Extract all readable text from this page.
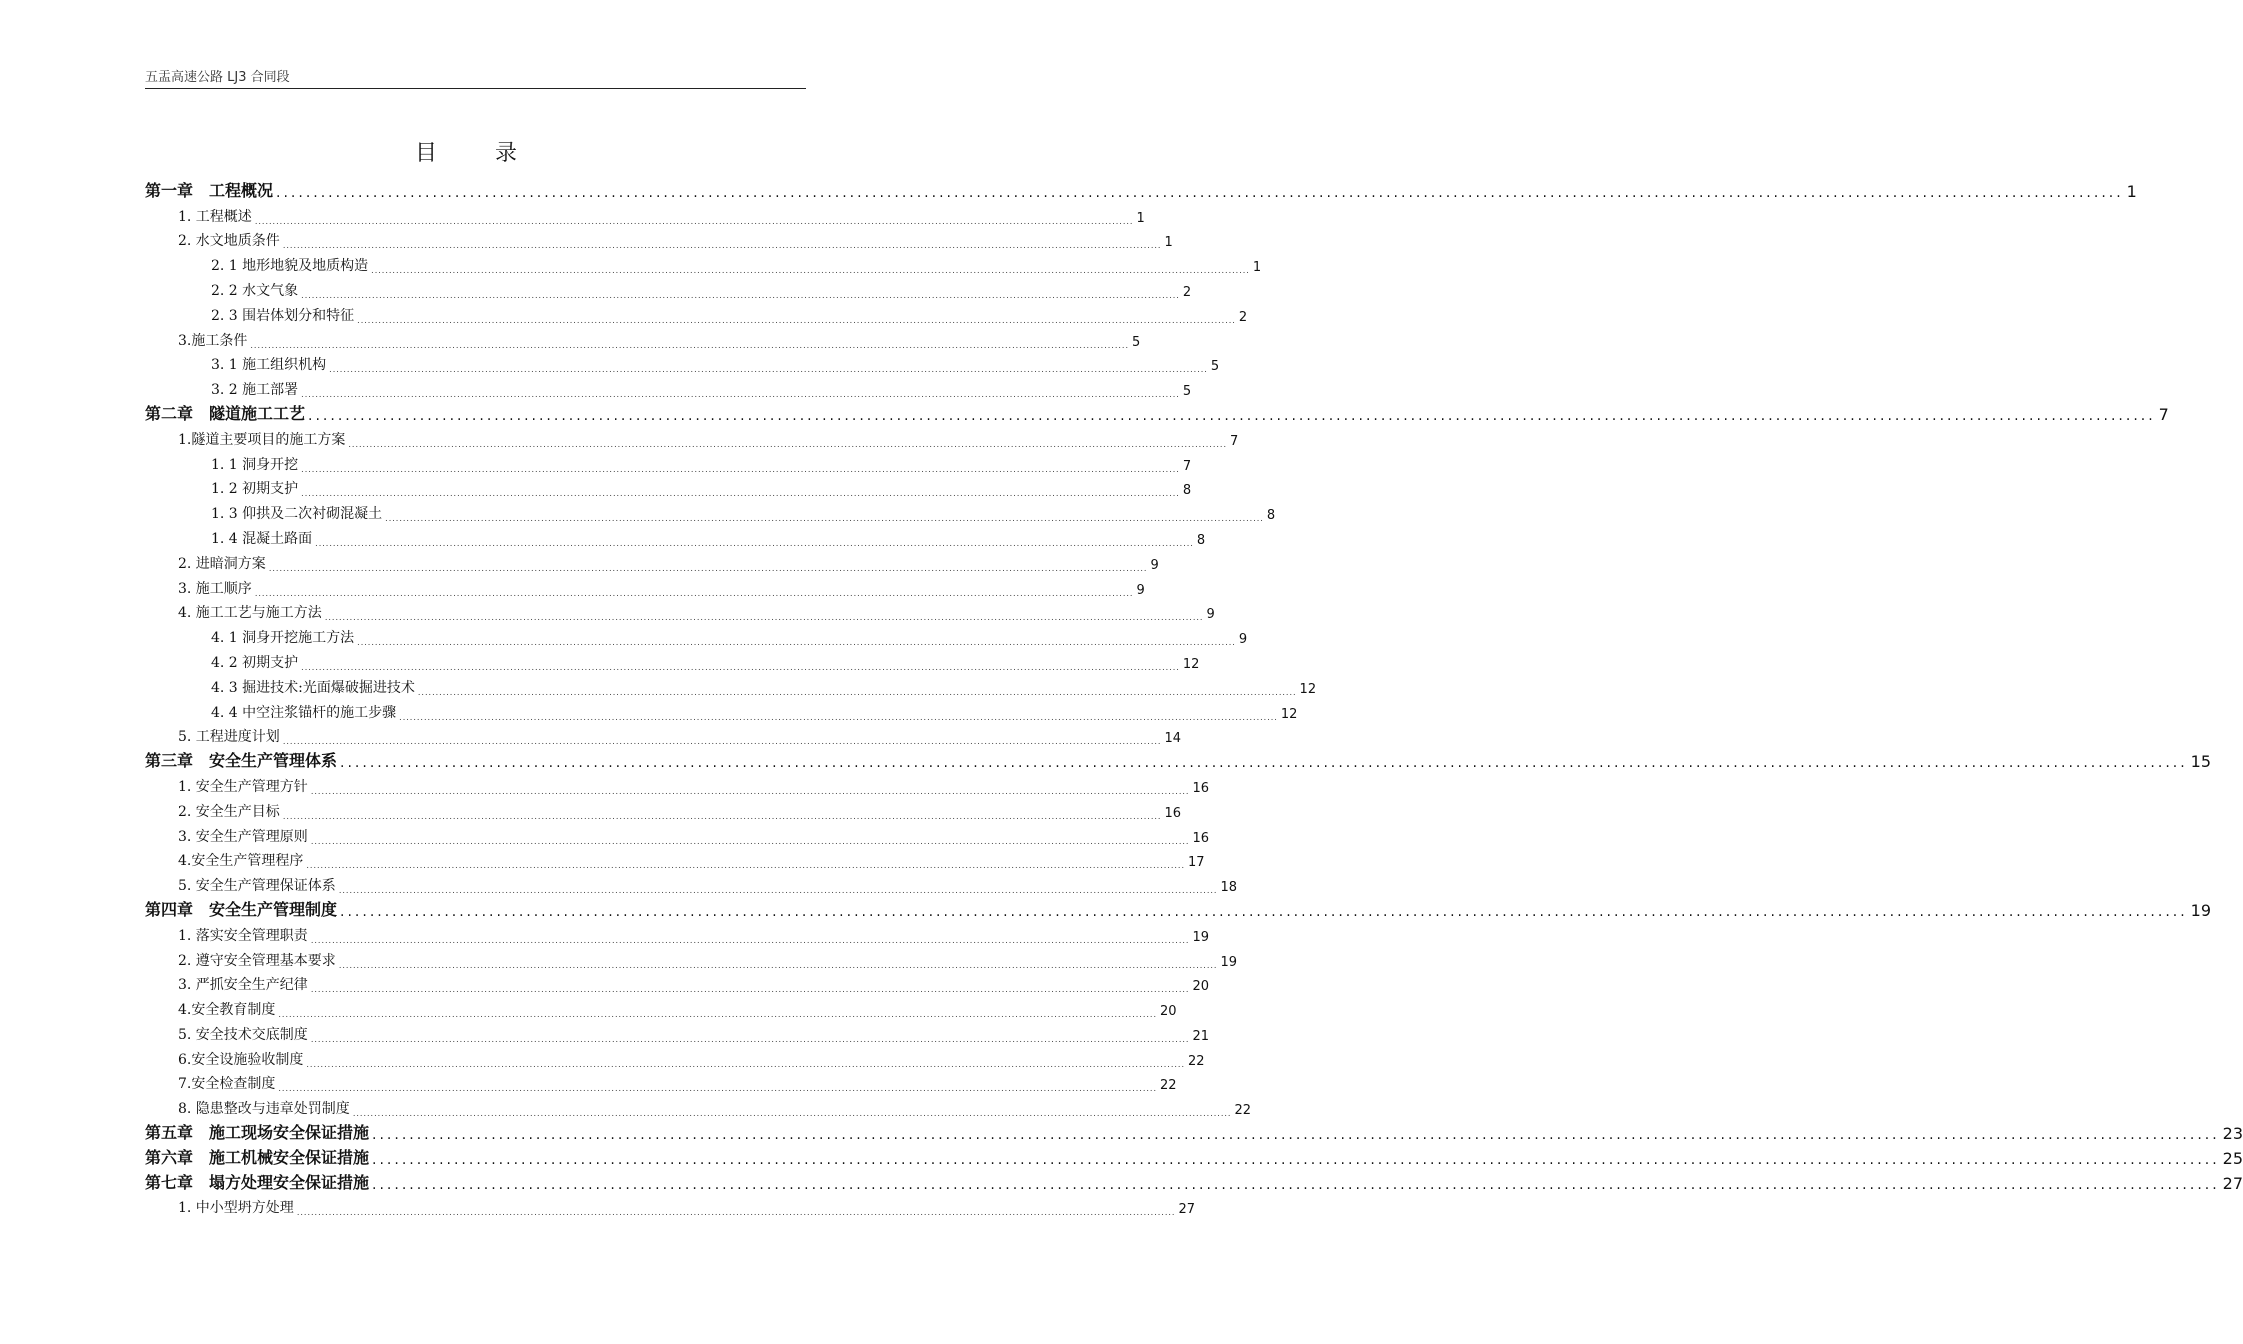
五盂高速公路 LJ3 合同段
目　录
第一章　工程概况 ........................................................................................................................................................................................................................................................ 1
1. 工程概述 ........................................................................................................................................................................................................................................................ 1
2. 水文地质条件 ........................................................................................................................................................................................................................................................ 1
2. 1 地形地貌及地质构造 ........................................................................................................................................................................................................................................................ 1
2. 2 水文气象 ........................................................................................................................................................................................................................................................ 2
2. 3 围岩体划分和特征 ........................................................................................................................................................................................................................................................ 2
3.施工条件 ........................................................................................................................................................................................................................................................ 5
3. 1 施工组织机构 ........................................................................................................................................................................................................................................................ 5
3. 2 施工部署 ........................................................................................................................................................................................................................................................ 5
第二章　隧道施工工艺 ........................................................................................................................................................................................................................................................ 7
1.隧道主要项目的施工方案 ........................................................................................................................................................................................................................................................ 7
1. 1 洞身开挖 ........................................................................................................................................................................................................................................................ 7
1. 2 初期支护 ........................................................................................................................................................................................................................................................ 8
1. 3 仰拱及二次衬砌混凝土 ........................................................................................................................................................................................................................................................ 8
1. 4 混凝土路面 ........................................................................................................................................................................................................................................................ 8
2. 进暗洞方案 ........................................................................................................................................................................................................................................................ 9
3. 施工顺序 ........................................................................................................................................................................................................................................................ 9
4. 施工工艺与施工方法 ........................................................................................................................................................................................................................................................ 9
4. 1 洞身开挖施工方法 ........................................................................................................................................................................................................................................................ 9
4. 2 初期支护 ........................................................................................................................................................................................................................................................ 12
4. 3 掘进技术:光面爆破掘进技术 ........................................................................................................................................................................................................................................................ 12
4. 4 中空注浆锚杆的施工步骤 ........................................................................................................................................................................................................................................................ 12
5. 工程进度计划 ........................................................................................................................................................................................................................................................ 14
第三章　安全生产管理体系 ........................................................................................................................................................................................................................................................ 15
1. 安全生产管理方针 ........................................................................................................................................................................................................................................................ 16
2. 安全生产目标 ........................................................................................................................................................................................................................................................ 16
3. 安全生产管理原则 ........................................................................................................................................................................................................................................................ 16
4.安全生产管理程序 ........................................................................................................................................................................................................................................................ 17
5. 安全生产管理保证体系 ........................................................................................................................................................................................................................................................ 18
第四章　安全生产管理制度 ........................................................................................................................................................................................................................................................ 19
1. 落实安全管理职责 ........................................................................................................................................................................................................................................................ 19
2. 遵守安全管理基本要求 ........................................................................................................................................................................................................................................................ 19
3. 严抓安全生产纪律 ........................................................................................................................................................................................................................................................ 20
4.安全教育制度 ........................................................................................................................................................................................................................................................ 20
5. 安全技术交底制度 ........................................................................................................................................................................................................................................................ 21
6.安全设施验收制度 ........................................................................................................................................................................................................................................................ 22
7.安全检查制度 ........................................................................................................................................................................................................................................................ 22
8. 隐患整改与违章处罚制度 ........................................................................................................................................................................................................................................................ 22
第五章　施工现场安全保证措施 ........................................................................................................................................................................................................................................................ 23
第六章　施工机械安全保证措施 ........................................................................................................................................................................................................................................................ 25
第七章　塌方处理安全保证措施 ........................................................................................................................................................................................................................................................ 27
1. 中小型坍方处理 ........................................................................................................................................................................................................................................................ 27
